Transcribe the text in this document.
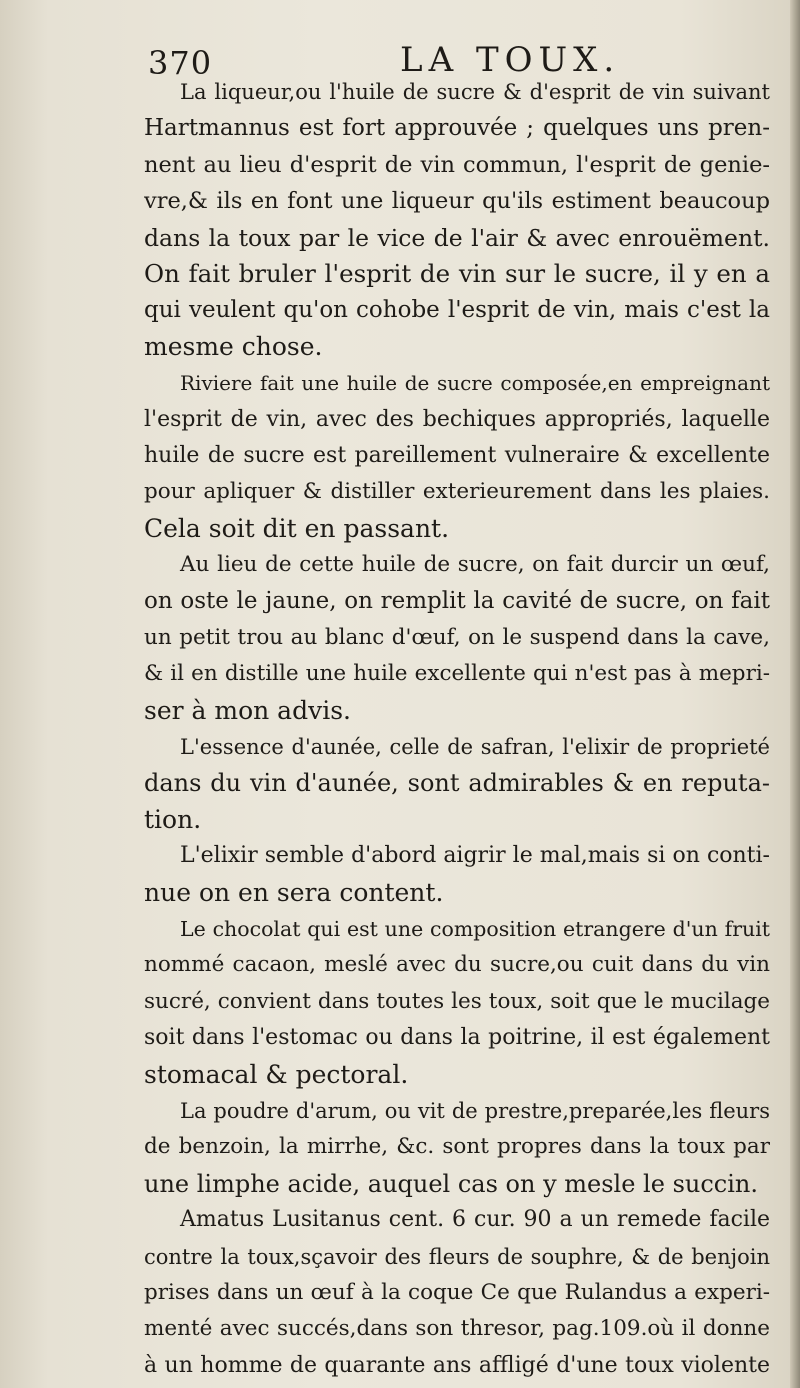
370	LA TOUX.
La liqueur,ou l'huile de sucre & d'esprit de vin suivant
Hartmannus est fort approuvée ; quelques uns pren-
nent au lieu d'esprit de vin commun, l'esprit de genie-
vre,& ils en font une liqueur qu'ils estiment beaucoup
dans la toux par le vice de l'air & avec enrouëment.
On fait bruler l'esprit de vin sur le sucre, il y en a
qui veulent qu'on cohobe l'esprit de vin, mais c'est la
mesme chose.
Riviere fait une huile de sucre composée,en empreignant
l'esprit de vin, avec des bechiques appropriés, laquelle
huile de sucre est pareillement vulneraire & excellente
pour apliquer & distiller exterieurement dans les plaies.
Cela soit dit en passant.
Au lieu de cette huile de sucre, on fait durcir un œuf,
on oste le jaune, on remplit la cavité de sucre, on fait
un petit trou au blanc d'œuf, on le suspend dans la cave,
& il en distille une huile excellente qui n'est pas à mepri-
ser à mon advis.
L'essence d'aunée, celle de safran, l'elixir de proprieté
dans du vin d'aunée, sont admirables & en reputa-
tion.
L'elixir semble d'abord aigrir le mal,mais si on conti-
nue on en sera content.
Le chocolat qui est une composition etrangere d'un fruit
nommé cacaon, meslé avec du sucre,ou cuit dans du vin
sucré, convient dans toutes les toux, soit que le mucilage
soit dans l'estomac ou dans la poitrine, il est également
stomacal & pectoral.
La poudre d'arum, ou vit de prestre,preparée,les fleurs
de benzoin, la mirrhe, &c. sont propres dans la toux par
une limphe acide, auquel cas on y mesle le succin.
Amatus Lusitanus cent. 6 cur. 90 a un remede facile
contre la toux,sçavoir des fleurs de souphre, & de benjoin
prises dans un œuf à la coque Ce que Rulandus a experi-
menté avec succés,dans son thresor, pag.109.où il donne
à un homme de quarante ans affligé d'une toux violente
